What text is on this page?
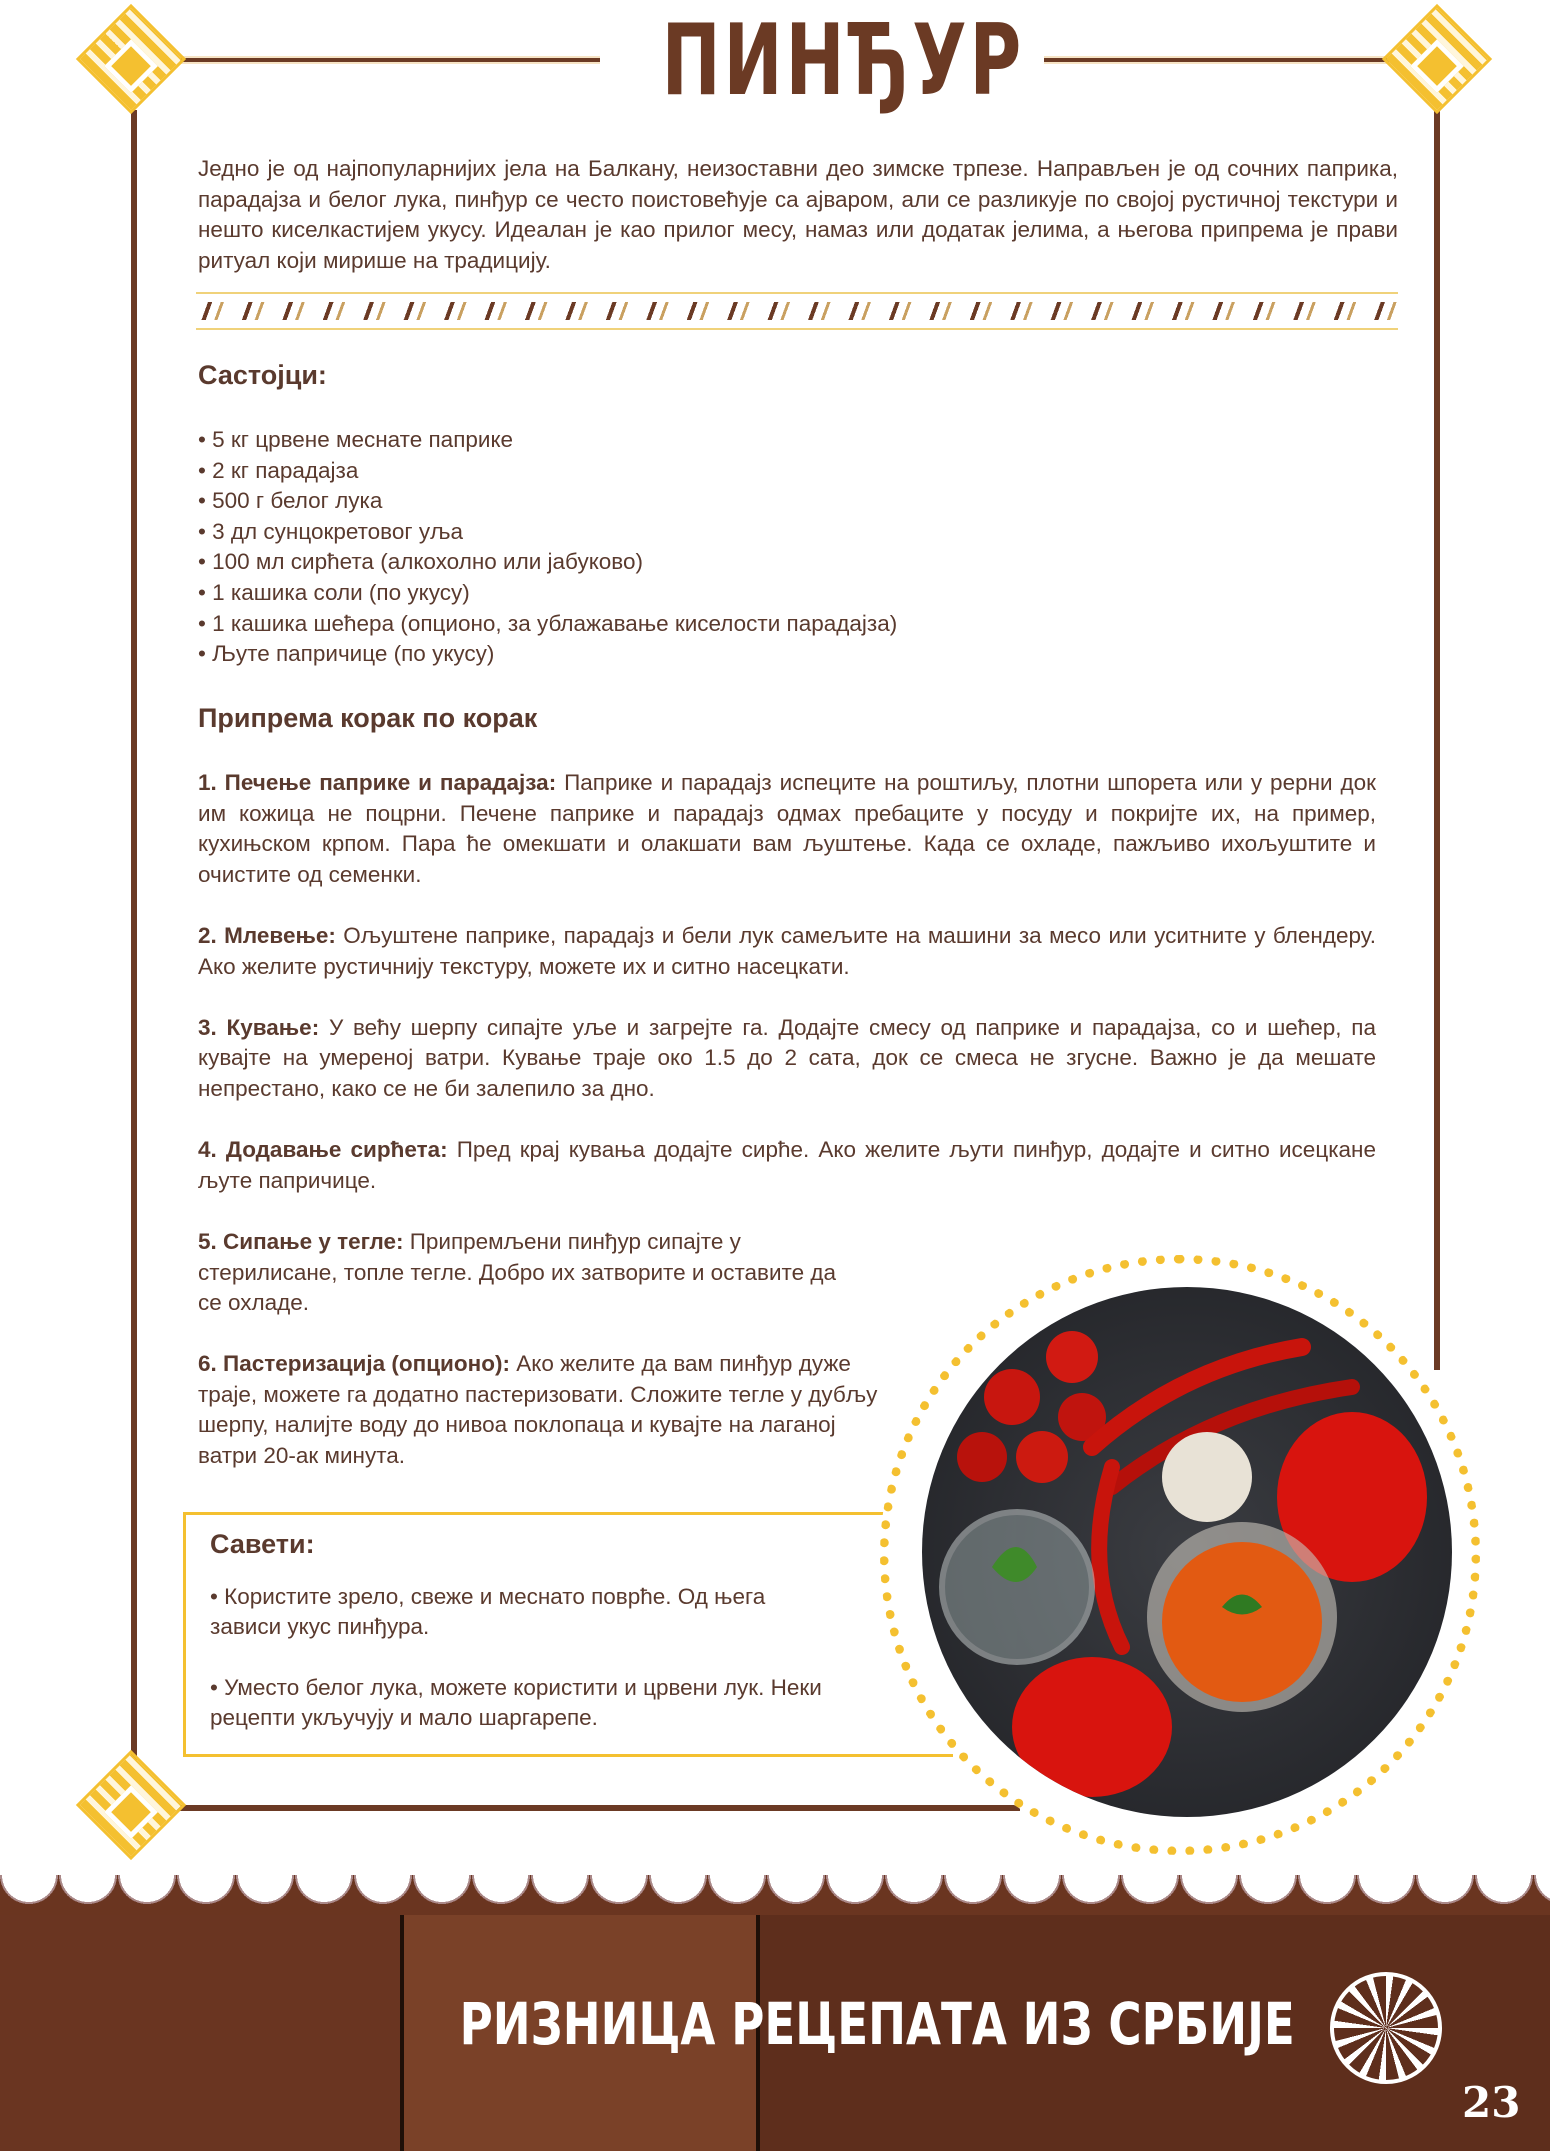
ПИНЂУР

Једно је од најпопуларнијих јела на Балкану, неизоставни део зимске трпезе. Направљен је од сочних паприка, парадајза и белог лука, пинђур се често поистовећује са ајваром, али се разликује по својој рустичној текстури и нешто киселкастијем укусу. Идеалан је као прилог месу, намаз или додатак јелима, а његова припрема је прави ритуал који мирише на традицију.

Састојци:
• 5 кг црвене меснате паприке
• 2 кг парадајза
• 500 г белог лука
• 3 дл сунцокретовог уља
• 100 мл сирћета (алкохолно или јабуково)
• 1 кашика соли (по укусу)
• 1 кашика шећера (опционо, за ублажавање киселости парадајза)
• Љуте папричице (по укусу)
Припрема корак по корак

1. Печење паприке и парадајза: Паприке и парадајз испеците на роштиљу, плотни шпорета или у рерни док им кожица не поцрни. Печене паприке и парадајз одмах пребаците у посуду и покријте их, на пример, кухињском крпом. Пара ће омекшати и олакшати вам љуштење. Када се охладе, пажљиво ихољуштите и очистите од семенки.

2. Млевење: Ољуштене паприке, парадајз и бели лук самељите на машини за месо или уситните у блендеру. Ако желите рустичнију текстуру, можете их и ситно насецкати.

3. Кување: У већу шерпу сипајте уље и загрејте га. Додајте смесу од паприке и парадајза, со и шећер, па кувајте на умереној ватри. Кување траје око 1.5 до 2 сата, док се смеса не згусне. Важно је да мешате непрестано, како се не би залепило за дно.

4. Додавање сирћета: Пред крај кувања додајте сирће. Ако желите љути пинђур, додајте и ситно исецкане љуте папричице.

5. Сипање у тегле: Припремљени пинђур сипајте у стерилисане, топле тегле. Добро их затворите и оставите да се охладе.

6. Пастеризација (опционо): Ако желите да вам пинђур дуже траје, можете га додатно пастеризовати. Сложите тегле у дубљу шерпу, налијте воду до нивоа поклопаца и кувајте на лаганој ватри 20-ак минута.

Савети:

• Користите зрело, свеже и меснато поврће. Од њега зависи укус пинђура.

• Уместо белог лука, можете користити и црвени лук. Неки рецепти укључују и мало шаргарепе.

РИЗНИЦА РЕЦЕПАТА ИЗ СРБИЈЕ
23
